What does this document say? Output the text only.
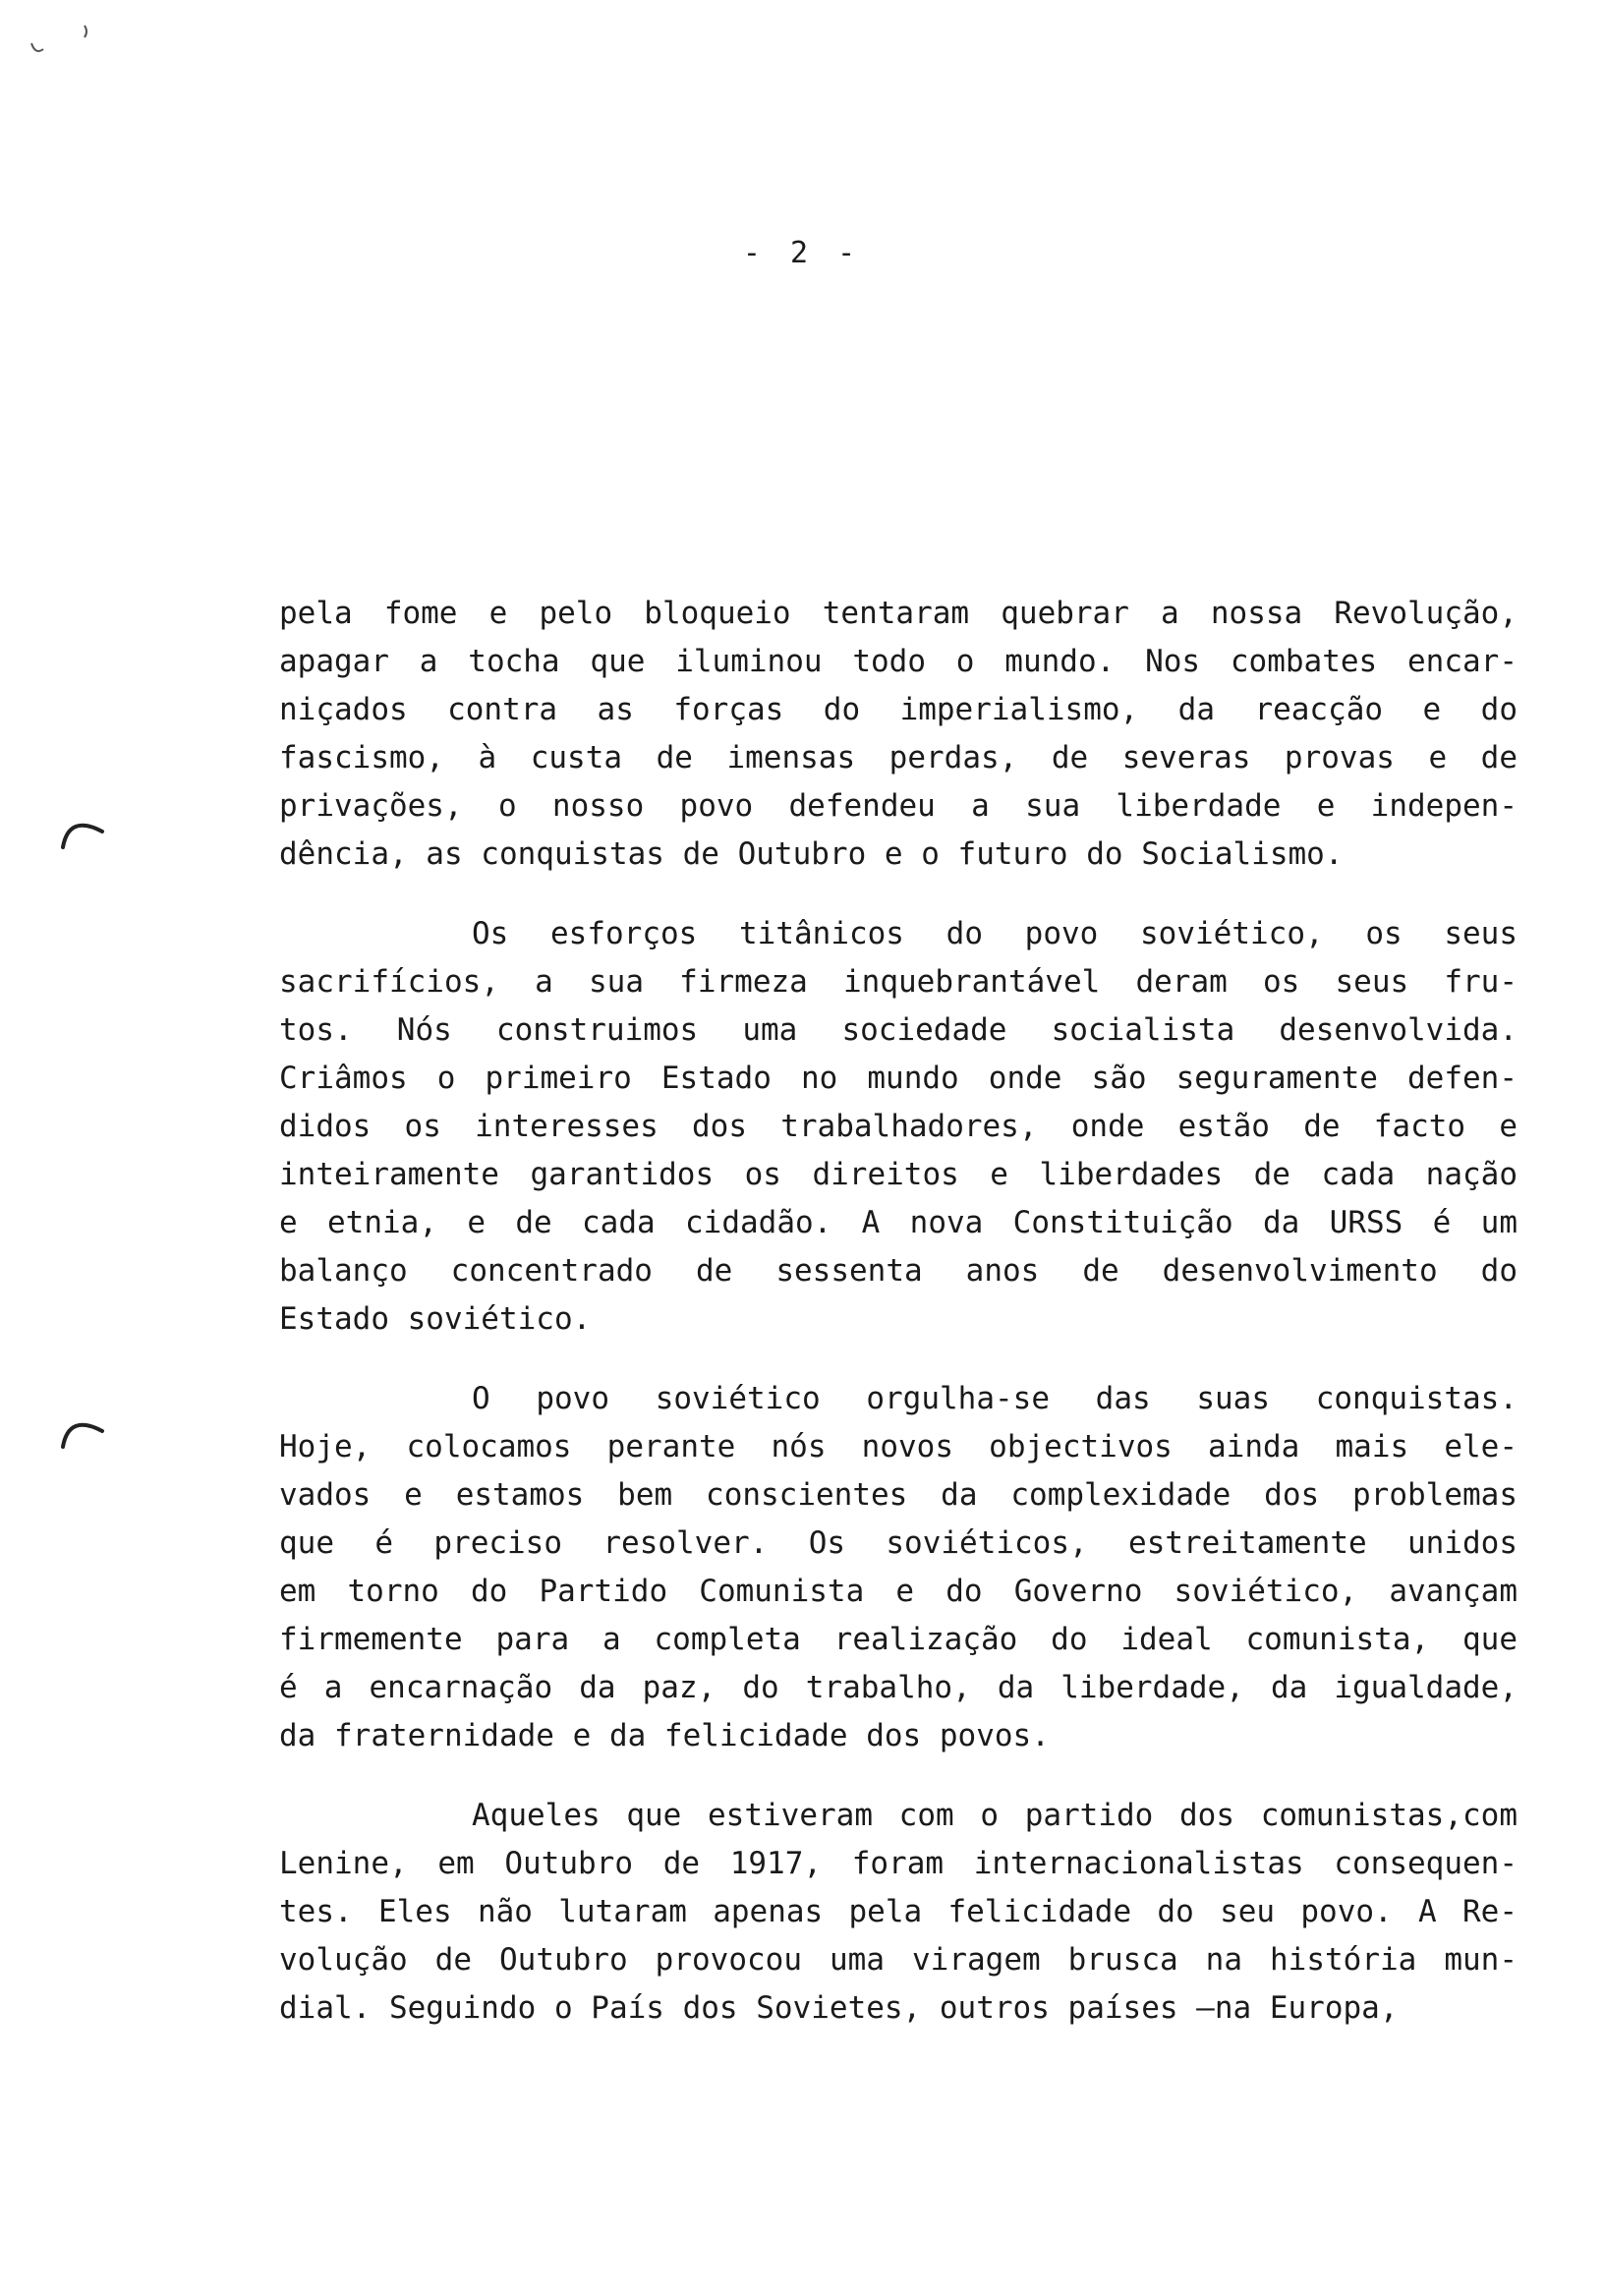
- 2 -
pela fome e pelo bloqueio tentaram quebrar a nossa Revolução,
apagar a tocha que iluminou todo o mundo. Nos combates encar-
niçados contra as forças do imperialismo, da reacção e do
fascismo, à custa de imensas perdas, de severas provas e de
privações, o nosso povo defendeu a sua liberdade e indepen-
dência, as conquistas de Outubro e o futuro do Socialismo.
Os esforços titânicos do povo soviético, os seus
sacrifícios, a sua firmeza inquebrantável deram os seus fru-
tos. Nós construimos uma sociedade socialista desenvolvida.
Criâmos o primeiro Estado no mundo onde são seguramente defen-
didos os interesses dos trabalhadores, onde estão de facto e
inteiramente garantidos os direitos e liberdades de cada nação
e etnia, e de cada cidadão. A nova Constituição da URSS é um
balanço concentrado de sessenta anos de desenvolvimento do
Estado soviético.
O povo soviético orgulha-se das suas conquistas.
Hoje, colocamos perante nós novos objectivos ainda mais ele-
vados e estamos bem conscientes da complexidade dos problemas
que é preciso resolver. Os soviéticos, estreitamente unidos
em torno do Partido Comunista e do Governo soviético, avançam
firmemente para a completa realização do ideal comunista, que
é a encarnação da paz, do trabalho, da liberdade, da igualdade,
da fraternidade e da felicidade dos povos.
Aqueles que estiveram com o partido dos comunistas,com
Lenine, em Outubro de 1917, foram internacionalistas consequen-
tes. Eles não lutaram apenas pela felicidade do seu povo. A Re-
volução de Outubro provocou uma viragem brusca na história mun-
dial. Seguindo o País dos Sovietes, outros países —na Europa,
